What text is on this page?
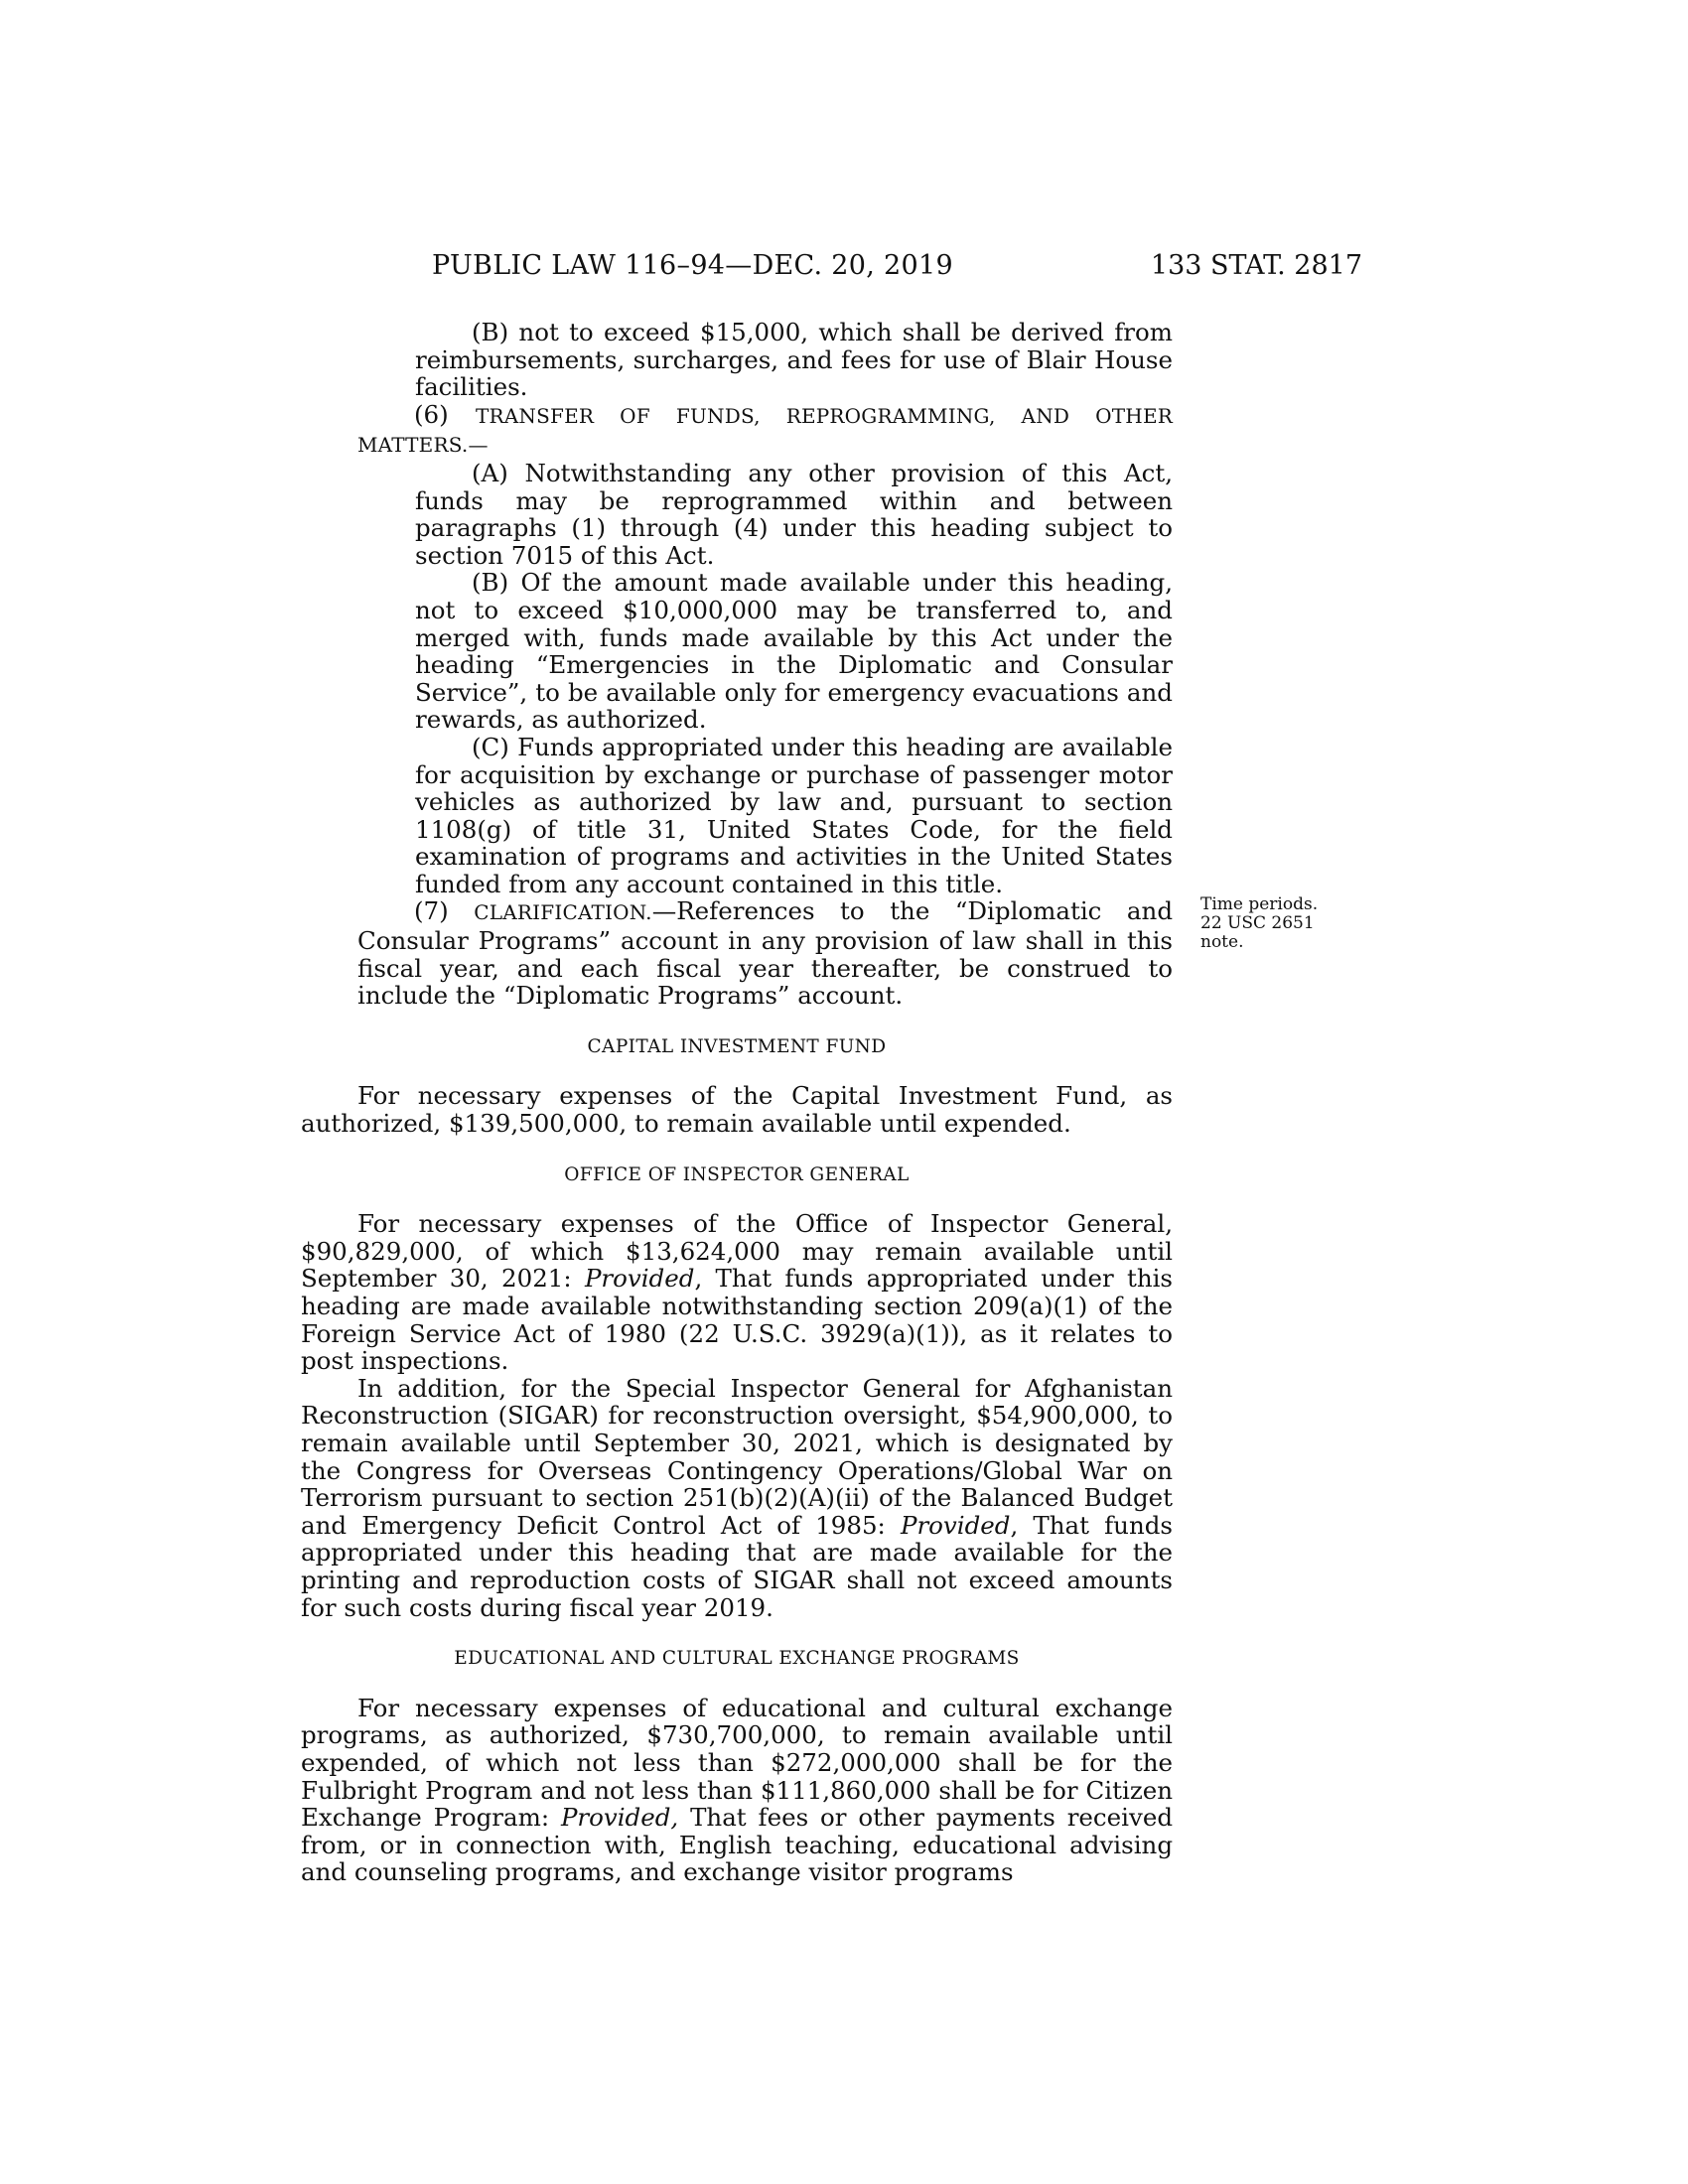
PUBLIC LAW 116–94—DEC. 20, 2019	133 STAT. 2817
Time periods.
22 USC 2651
note.

(B) not to exceed $15,000, which shall be derived from reimbursements, surcharges, and fees for use of Blair House facilities.

(6) TRANSFER OF FUNDS, REPROGRAMMING, AND OTHER MATTERS.—

(A) Notwithstanding any other provision of this Act, funds may be reprogrammed within and between paragraphs (1) through (4) under this heading subject to section 7015 of this Act.

(B) Of the amount made available under this heading, not to exceed $10,000,000 may be transferred to, and merged with, funds made available by this Act under the heading “Emergencies in the Diplomatic and Consular Service”, to be available only for emergency evacuations and rewards, as authorized.

(C) Funds appropriated under this heading are available for acquisition by exchange or purchase of passenger motor vehicles as authorized by law and, pursuant to section 1108(g) of title 31, United States Code, for the field examination of programs and activities in the United States funded from any account contained in this title.

(7) CLARIFICATION.—References to the “Diplomatic and Consular Programs” account in any provision of law shall in this fiscal year, and each fiscal year thereafter, be construed to include the “Diplomatic Programs” account.

CAPITAL INVESTMENT FUND

For necessary expenses of the Capital Investment Fund, as authorized, $139,500,000, to remain available until expended.

OFFICE OF INSPECTOR GENERAL

For necessary expenses of the Office of Inspector General, $90,829,000, of which $13,624,000 may remain available until September 30, 2021: Provided, That funds appropriated under this heading are made available notwithstanding section 209(a)(1) of the Foreign Service Act of 1980 (22 U.S.C. 3929(a)(1)), as it relates to post inspections.

In addition, for the Special Inspector General for Afghanistan Reconstruction (SIGAR) for reconstruction oversight, $54,900,000, to remain available until September 30, 2021, which is designated by the Congress for Overseas Contingency Operations/Global War on Terrorism pursuant to section 251(b)(2)(A)(ii) of the Balanced Budget and Emergency Deficit Control Act of 1985: Provided, That funds appropriated under this heading that are made available for the printing and reproduction costs of SIGAR shall not exceed amounts for such costs during fiscal year 2019.

EDUCATIONAL AND CULTURAL EXCHANGE PROGRAMS

For necessary expenses of educational and cultural exchange programs, as authorized, $730,700,000, to remain available until expended, of which not less than $272,000,000 shall be for the Fulbright Program and not less than $111,860,000 shall be for Citizen Exchange Program: Provided, That fees or other payments received from, or in connection with, English teaching, educational advising and counseling programs, and exchange visitor programs
